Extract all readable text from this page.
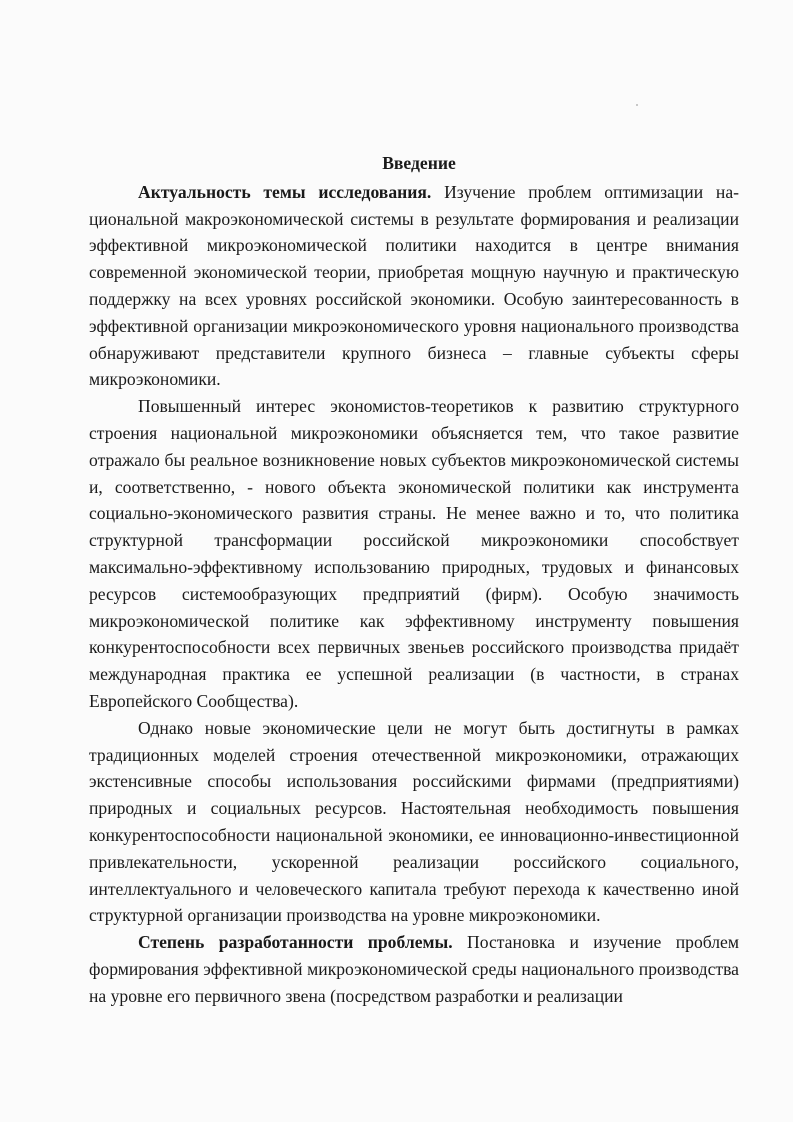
Введение

Актуальность темы исследования. Изучение проблем оптимизации национальной макроэкономической системы в результате формирования и реализации эффективной микроэкономической политики находится в центре внимания современной экономической теории, приобретая мощную научную и практическую поддержку на всех уровнях российской экономики. Особую заинтересованность в эффективной организации микроэкономического уровня национального производства обнаруживают представители крупного бизнеса – главные субъекты сферы микроэкономики.

Повышенный интерес экономистов-теоретиков к развитию структурного строения национальной микроэкономики объясняется тем, что такое развитие отражало бы реальное возникновение новых субъектов микроэкономической системы и, соответственно, - нового объекта экономической политики как инструмента социально-экономического развития страны. Не менее важно и то, что политика структурной трансформации российской микроэкономики способствует максимально-эффективному использованию природных, трудовых и финансовых ресурсов системообразующих предприятий (фирм). Особую значимость микроэкономической политике как эффективному инструменту повышения конкурентоспособности всех первичных звеньев российского производства придаёт международная практика ее успешной реализации (в частности, в странах Европейского Сообщества).

Однако новые экономические цели не могут быть достигнуты в рамках традиционных моделей строения отечественной микроэкономики, отражающих экстенсивные способы использования российскими фирмами (предприятиями) природных и социальных ресурсов. Настоятельная необходимость повышения конкурентоспособности национальной экономики, ее инновационно-инвестиционной привлекательности, ускоренной реализации российского социального, интеллектуального и человеческого капитала требуют перехода к качественно иной структурной организации производства на уровне микроэкономики.

Степень разработанности проблемы. Постановка и изучение проблем формирования эффективной микроэкономической среды национального производства на уровне его первичного звена (посредством разработки и реализации
